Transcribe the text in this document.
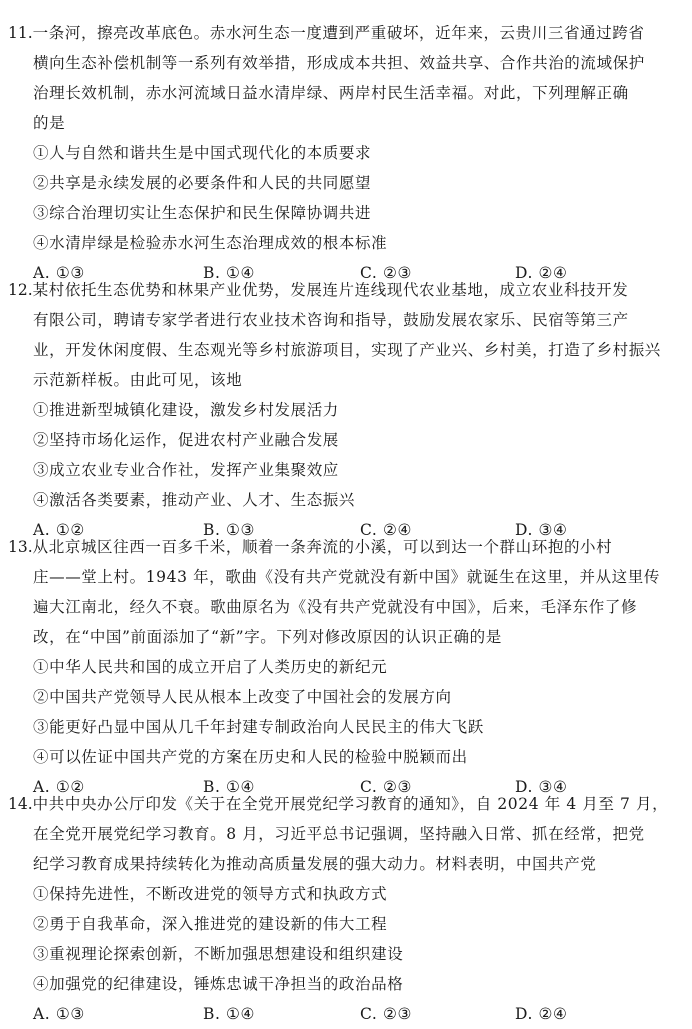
11.一条河，擦亮改革底色。赤水河生态一度遭到严重破坏，近年来，云贵川三省通过跨省
横向生态补偿机制等一系列有效举措，形成成本共担、效益共享、合作共治的流域保护
治理长效机制，赤水河流域日益水清岸绿、两岸村民生活幸福。对此，下列理解正确
的是
①人与自然和谐共生是中国式现代化的本质要求
②共享是永续发展的必要条件和人民的共同愿望
③综合治理切实让生态保护和民生保障协调共进
④水清岸绿是检验赤水河生态治理成效的根本标准
A. ①③	B. ①④	C. ②③	D. ②④
12.某村依托生态优势和林果产业优势，发展连片连线现代农业基地，成立农业科技开发
有限公司，聘请专家学者进行农业技术咨询和指导，鼓励发展农家乐、民宿等第三产
业，开发休闲度假、生态观光等乡村旅游项目，实现了产业兴、乡村美，打造了乡村振兴
示范新样板。由此可见，该地
①推进新型城镇化建设，激发乡村发展活力
②坚持市场化运作，促进农村产业融合发展
③成立农业专业合作社，发挥产业集聚效应
④激活各类要素，推动产业、人才、生态振兴
A. ①②	B. ①③	C. ②④	D. ③④
13.从北京城区往西一百多千米，顺着一条奔流的小溪，可以到达一个群山环抱的小村
庄——堂上村。1943 年，歌曲《没有共产党就没有新中国》就诞生在这里，并从这里传
遍大江南北，经久不衰。歌曲原名为《没有共产党就没有中国》，后来，毛泽东作了修
改，在“中国”前面添加了“新”字。下列对修改原因的认识正确的是
①中华人民共和国的成立开启了人类历史的新纪元
②中国共产党领导人民从根本上改变了中国社会的发展方向
③能更好凸显中国从几千年封建专制政治向人民民主的伟大飞跃
④可以佐证中国共产党的方案在历史和人民的检验中脱颖而出
A. ①②	B. ①④	C. ②③	D. ③④
14.中共中央办公厅印发《关于在全党开展党纪学习教育的通知》，自 2024 年 4 月至 7 月，
在全党开展党纪学习教育。8 月，习近平总书记强调，坚持融入日常、抓在经常，把党
纪学习教育成果持续转化为推动高质量发展的强大动力。材料表明，中国共产党
①保持先进性，不断改进党的领导方式和执政方式
②勇于自我革命，深入推进党的建设新的伟大工程
③重视理论探索创新，不断加强思想建设和组织建设
④加强党的纪律建设，锤炼忠诚干净担当的政治品格
A. ①③	B. ①④	C. ②③	D. ②④
